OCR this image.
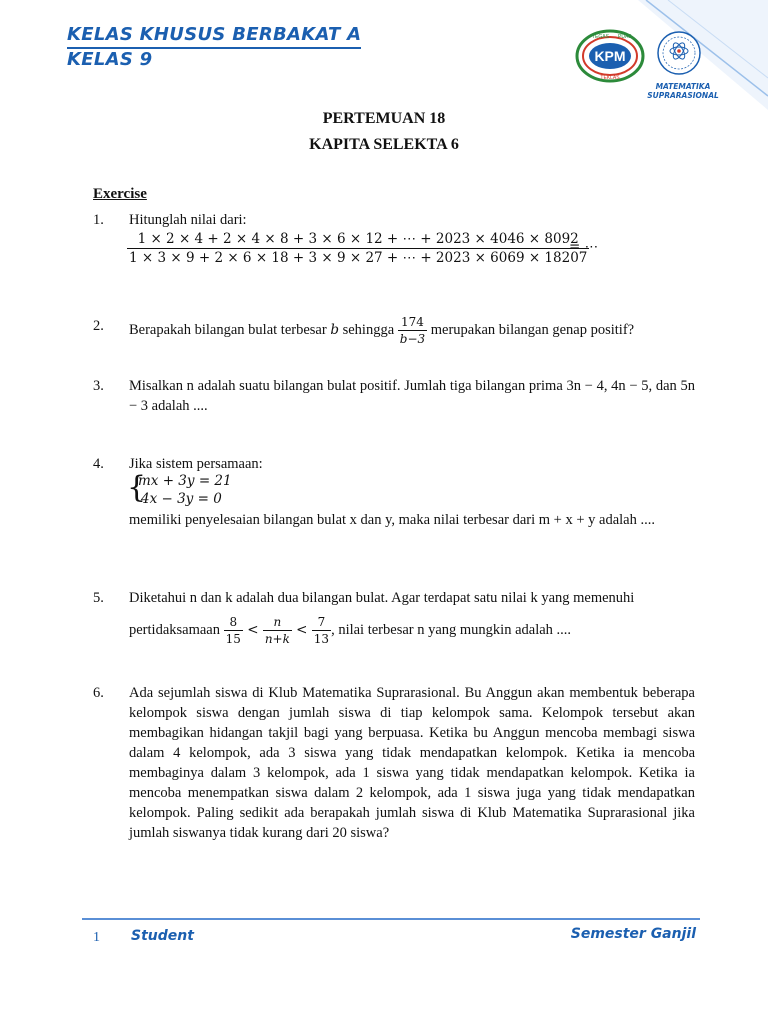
KELAS KHUSUS BERBAKAT A

KELAS 9	KPM
TEGAS PUAS
TEKLAS
MATEMATIKA
SUPRARASIONAL
PERTEMUAN 18
KAPITA SELEKTA 6
Exercise
1. Hitunglah nilai dari:
1 × 2 × 4 + 2 × 4 × 8 + 3 × 6 × 12 + ⋯ + 2023 × 4046 × 8092
1 × 3 × 9 + 2 × 6 × 18 + 3 × 9 × 27 + ⋯ + 2023 × 6069 × 18207
= ⋯
2. Berapakah bilangan bulat terbesar b sehingga $\frac{174}{b-3}$ merupakan bilangan genap positif?
3. Misalkan n adalah suatu bilangan bulat positif. Jumlah tiga bilangan prima 3n − 4, 4n − 5, dan 5n − 3 adalah ....
4. Jika sistem persamaan:
{
mx + 3y = 21
4x − 3y = 0
memiliki penyelesaian bilangan bulat x dan y, maka nilai terbesar dari m + x + y adalah ....
5. Diketahui n dan k adalah dua bilangan bulat. Agar terdapat satu nilai k yang memenuhi
pertidaksamaan $\frac{8}{15} < \frac{n}{n+k} < \frac{7}{13}$ , nilai terbesar n yang mungkin adalah ....
6. Ada sejumlah siswa di Klub Matematika Suprarasional. Bu Anggun akan membentuk beberapa kelompok siswa dengan jumlah siswa di tiap kelompok sama. Kelompok tersebut akan membagikan hidangan takjil bagi yang berpuasa. Ketika bu Anggun mencoba membagi siswa dalam 4 kelompok, ada 3 siswa yang tidak mendapatkan kelompok. Ketika ia mencoba membaginya dalam 3 kelompok, ada 1 siswa yang tidak mendapatkan kelompok. Ketika ia mencoba menempatkan siswa dalam 2 kelompok, ada 1 siswa juga yang tidak mendapatkan kelompok. Paling sedikit ada berapakah jumlah siswa di Klub Matematika Suprarasional jika jumlah siswanya tidak kurang dari 20 siswa?
1 Student	Semester Ganjil
